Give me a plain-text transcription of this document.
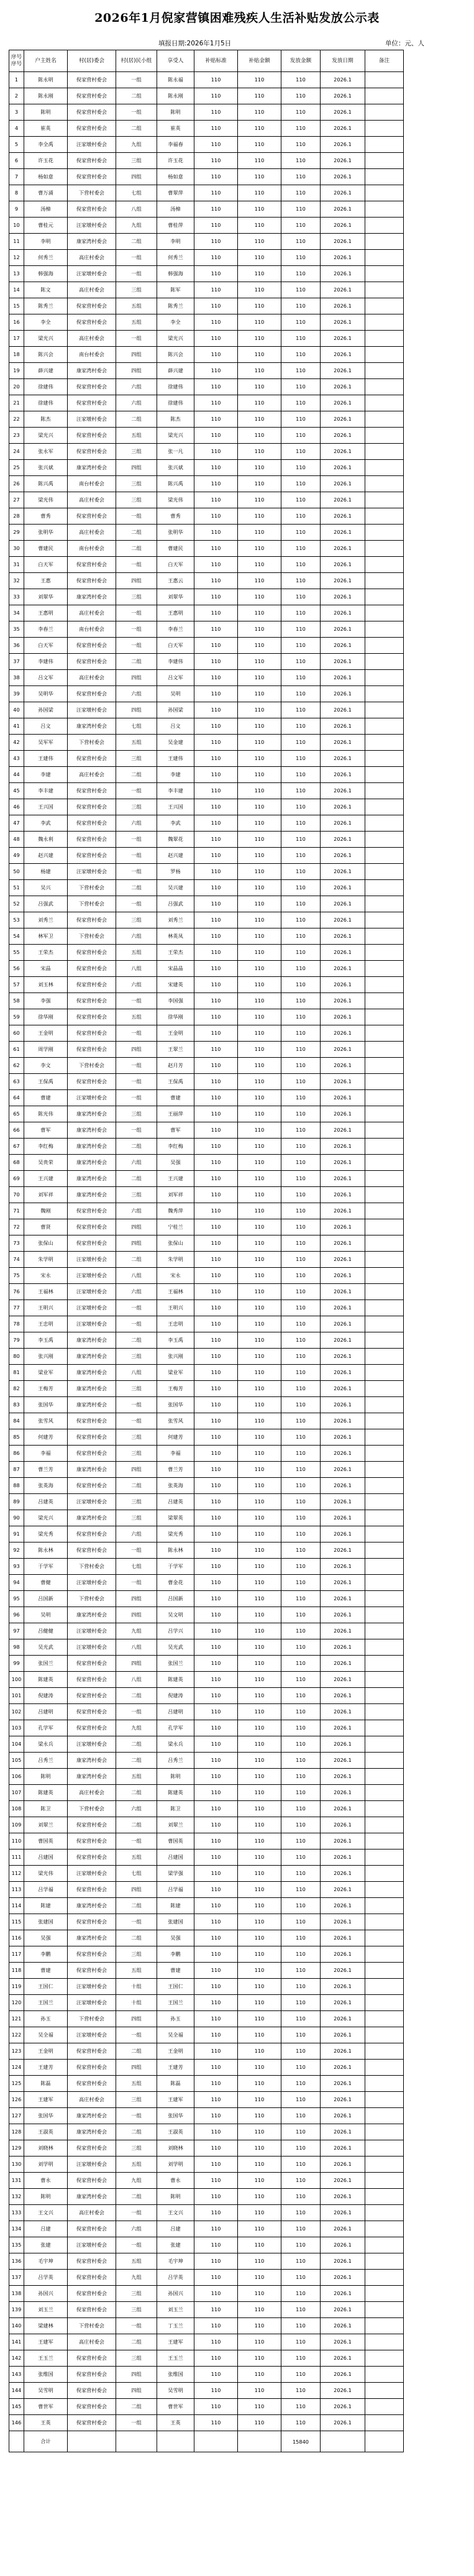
2026年1月倪家营镇困难残疾人生活补贴发放公示表
填报日期:2026年1月5日	单位：元、人
序号序号	户主姓名	村(居)委会	村(居)民小组	享受人	补贴标准	补贴金额	发放金额	发放日期	备注
1	陈永明	倪家营村委会	一组	陈永福	110	110	110	2026.1	
2	陈永刚	倪家营村委会	二组	陈永刚	110	110	110	2026.1	
3	陈明	倪家营村委会	一组	陈明	110	110	110	2026.1	
4	崔英	倪家营村委会	二组	崔英	110	110	110	2026.1	
5	李全禹	汪家墩村委会	九组	李福春	110	110	110	2026.1	
6	许玉花	倪家营村委会	三组	许玉花	110	110	110	2026.1	
7	杨如意	倪家营村委会	四组	杨如意	110	110	110	2026.1	
8	曹万涌	下营村委会	七组	曹翠萍	110	110	110	2026.1	
9	汤樟	倪家营村委会	八组	汤樟	110	110	110	2026.1	
10	曹桂元	汪家墩村委会	九组	曹桂萍	110	110	110	2026.1	
11	李明	康家湾村委会	二组	李明	110	110	110	2026.1	
12	何秀兰	高庄村委会	一组	何秀兰	110	110	110	2026.1	
13	韩强海	汪家墩村委会	一组	韩强海	110	110	110	2026.1	
14	陈文	高庄村委会	三组	陈军	110	110	110	2026.1	
15	陈秀兰	倪家营村委会	五组	陈秀兰	110	110	110	2026.1	
16	李全	倪家营村委会	五组	李全	110	110	110	2026.1	
17	梁光兴	高庄村委会	一组	梁光兴	110	110	110	2026.1	
18	陈兴会	南台村委会	四组	陈兴会	110	110	110	2026.1	
19	薛兴建	康家湾村委会	四组	薛兴建	110	110	110	2026.1	
20	徐建伟	倪家营村委会	六组	徐建伟	110	110	110	2026.1	
21	徐建伟	倪家营村委会	六组	徐建伟	110	110	110	2026.1	
22	陈杰	汪家墩村委会	二组	陈杰	110	110	110	2026.1	
23	梁光兴	倪家营村委会	五组	梁光兴	110	110	110	2026.1	
24	张永军	倪家营村委会	三组	张一凡	110	110	110	2026.1	
25	张兴斌	康家湾村委会	四组	张兴斌	110	110	110	2026.1	
26	陈兴禹	南台村委会	三组	陈兴禹	110	110	110	2026.1	
27	梁光伟	高庄村委会	三组	梁光伟	110	110	110	2026.1	
28	曹秀	倪家营村委会	一组	曹秀	110	110	110	2026.1	
29	张明华	高庄村委会	二组	张明华	110	110	110	2026.1	
30	曹建民	南台村委会	二组	曹建民	110	110	110	2026.1	
31	白天军	倪家营村委会	一组	白天军	110	110	110	2026.1	
32	王惠	倪家营村委会	四组	王惠云	110	110	110	2026.1	
33	刘翠华	康家湾村委会	三组	刘翠华	110	110	110	2026.1	
34	王惠明	高庄村委会	一组	王惠明	110	110	110	2026.1	
35	李春兰	南台村委会	一组	李春兰	110	110	110	2026.1	
36	白天军	倪家营村委会	一组	白天军	110	110	110	2026.1	
37	李建伟	倪家营村委会	二组	李建伟	110	110	110	2026.1	
38	吕文军	高庄村委会	四组	吕文军	110	110	110	2026.1	
39	吴明华	倪家营村委会	六组	吴明	110	110	110	2026.1	
40	孙国梁	汪家墩村委会	四组	孙国梁	110	110	110	2026.1	
41	吕文	康家湾村委会	七组	吕文	110	110	110	2026.1	
42	吴军军	下营村委会	五组	吴金建	110	110	110	2026.1	
43	王建伟	倪家营村委会	三组	王建伟	110	110	110	2026.1	
44	李建	高庄村委会	二组	李建	110	110	110	2026.1	
45	李丰建	倪家营村委会	一组	李丰建	110	110	110	2026.1	
46	王兴国	倪家营村委会	三组	王兴国	110	110	110	2026.1	
47	李武	倪家营村委会	六组	李武	110	110	110	2026.1	
48	魏永利	倪家营村委会	一组	魏翠花	110	110	110	2026.1	
49	赵兴建	倪家营村委会	一组	赵兴建	110	110	110	2026.1	
50	杨建	汪家墩村委会	一组	罗杨	110	110	110	2026.1	
51	吴兴	下营村委会	二组	吴兴建	110	110	110	2026.1	
52	吕强武	下营村委会	一组	吕强武	110	110	110	2026.1	
53	刘秀兰	倪家营村委会	三组	刘秀兰	110	110	110	2026.1	
54	林军卫	下营村委会	六组	林英凤	110	110	110	2026.1	
55	王荣杰	倪家营村委会	五组	王荣杰	110	110	110	2026.1	
56	宋晶	倪家营村委会	八组	宋晶晶	110	110	110	2026.1	
57	刘玉林	倪家营村委会	六组	宋建英	110	110	110	2026.1	
58	李强	倪家营村委会	一组	李国强	110	110	110	2026.1	
59	徐华刚	倪家营村委会	五组	徐华刚	110	110	110	2026.1	
60	王金明	倪家营村委会	一组	王金明	110	110	110	2026.1	
61	周学刚	倪家营村委会	四组	王翠兰	110	110	110	2026.1	
62	李文	下营村委会	一组	赵月芳	110	110	110	2026.1	
63	王保禹	倪家营村委会	一组	王保禹	110	110	110	2026.1	
64	曹建	汪家墩村委会	一组	曹建	110	110	110	2026.1	
65	陈光伟	康家湾村委会	三组	王丽萍	110	110	110	2026.1	
66	曹军	康家湾村委会	一组	曹军	110	110	110	2026.1	
67	李红梅	康家湾村委会	二组	李红梅	110	110	110	2026.1	
68	吴贵荣	康家湾村委会	六组	吴强	110	110	110	2026.1	
69	王兴建	康家湾村委会	二组	王兴建	110	110	110	2026.1	
70	刘军祥	康家湾村委会	三组	刘军祥	110	110	110	2026.1	
71	魏刚	倪家营村委会	六组	魏秀萍	110	110	110	2026.1	
72	曹贤	倪家营村委会	四组	宁桂兰	110	110	110	2026.1	
73	张保山	倪家营村委会	四组	张保山	110	110	110	2026.1	
74	朱学明	汪家墩村委会	二组	朱学明	110	110	110	2026.1	
75	宋永	汪家墩村委会	八组	宋永	110	110	110	2026.1	
76	王福林	汪家墩村委会	六组	王福林	110	110	110	2026.1	
77	王明兴	汪家墩村委会	一组	王明兴	110	110	110	2026.1	
78	王忠明	汪家墩村委会	一组	王忠明	110	110	110	2026.1	
79	李玉禹	康家湾村委会	二组	李玉禹	110	110	110	2026.1	
80	张兴刚	康家湾村委会	三组	张兴刚	110	110	110	2026.1	
81	梁业军	康家湾村委会	八组	梁业军	110	110	110	2026.1	
82	王梅芳	康家湾村委会	三组	王梅芳	110	110	110	2026.1	
83	张国华	康家湾村委会	一组	张国华	110	110	110	2026.1	
84	张雪风	倪家营村委会	一组	张雪风	110	110	110	2026.1	
85	何建芳	倪家营村委会	三组	何建芳	110	110	110	2026.1	
86	李福	倪家营村委会	三组	李福	110	110	110	2026.1	
87	曹兰芳	康家湾村委会	四组	曹兰芳	110	110	110	2026.1	
88	张英海	倪家营村委会	二组	张英海	110	110	110	2026.1	
89	吕建英	汪家墩村委会	三组	吕建英	110	110	110	2026.1	
90	梁光兴	康家湾村委会	三组	梁翠英	110	110	110	2026.1	
91	梁光秀	倪家营村委会	六组	梁光秀	110	110	110	2026.1	
92	陈永林	倪家营村委会	一组	陈永林	110	110	110	2026.1	
93	于学军	下营村委会	七组	于学军	110	110	110	2026.1	
94	曹健	汪家墩村委会	一组	曹金花	110	110	110	2026.1	
95	吕国新	下营村委会	四组	吕国新	110	110	110	2026.1	
96	吴明	康家湾村委会	四组	吴文明	110	110	110	2026.1	
97	吕健健	汪家墩村委会	九组	吕学兴	110	110	110	2026.1	
98	吴光武	汪家墩村委会	八组	吴光武	110	110	110	2026.1	
99	张国兰	倪家营村委会	四组	张国兰	110	110	110	2026.1	
100	陈建英	倪家营村委会	八组	陈建英	110	110	110	2026.1	
101	倪建涛	倪家营村委会	二组	倪建涛	110	110	110	2026.1	
102	吕建明	倪家营村委会	一组	吕建明	110	110	110	2026.1	
103	孔学军	倪家营村委会	九组	孔学军	110	110	110	2026.1	
104	梁永兵	汪家墩村委会	二组	梁永兵	110	110	110	2026.1	
105	吕秀兰	康家湾村委会	二组	吕秀兰	110	110	110	2026.1	
106	陈明	康家湾村委会	五组	陈明	110	110	110	2026.1	
107	陈建英	高庄村委会	二组	陈建英	110	110	110	2026.1	
108	陈卫	下营村委会	六组	陈卫	110	110	110	2026.1	
109	刘翠兰	倪家营村委会	二组	刘翠兰	110	110	110	2026.1	
110	曹国英	倪家营村委会	一组	曹国英	110	110	110	2026.1	
111	吕建国	倪家营村委会	五组	吕建国	110	110	110	2026.1	
112	梁光伟	汪家墩村委会	七组	梁学强	110	110	110	2026.1	
113	吕学福	倪家营村委会	四组	吕学福	110	110	110	2026.1	
114	陈建	康家湾村委会	二组	陈建	110	110	110	2026.1	
115	张建国	倪家营村委会	一组	张建国	110	110	110	2026.1	
116	吴强	康家湾村委会	二组	吴强	110	110	110	2026.1	
117	李鹏	倪家营村委会	三组	李鹏	110	110	110	2026.1	
118	曹建	倪家营村委会	五组	曹建	110	110	110	2026.1	
119	王国仁	汪家墩村委会	十组	王国仁	110	110	110	2026.1	
120	王国兰	汪家墩村委会	十组	王国兰	110	110	110	2026.1	
121	孙玉	下营村委会	四组	孙玉	110	110	110	2026.1	
122	吴全福	汪家墩村委会	一组	吴全福	110	110	110	2026.1	
123	王金明	倪家营村委会	二组	王金明	110	110	110	2026.1	
124	王建芳	倪家营村委会	四组	王建芳	110	110	110	2026.1	
125	陈磊	倪家营村委会	五组	陈磊	110	110	110	2026.1	
126	王建军	高庄村委会	三组	王建军	110	110	110	2026.1	
127	张国华	康家湾村委会	一组	张国华	110	110	110	2026.1	
128	王淑英	康家湾村委会	二组	王淑英	110	110	110	2026.1	
129	刘晓林	倪家营村委会	三组	刘晓林	110	110	110	2026.1	
130	刘学明	汪家墩村委会	五组	刘学明	110	110	110	2026.1	
131	曹永	倪家营村委会	九组	曹永	110	110	110	2026.1	
132	陈明	康家湾村委会	二组	陈明	110	110	110	2026.1	
133	王文兴	高庄村委会	一组	王文兴	110	110	110	2026.1	
134	吕建	倪家营村委会	六组	吕建	110	110	110	2026.1	
135	张建	汪家墩村委会	一组	张建	110	110	110	2026.1	
136	毛宇坤	倪家营村委会	五组	毛宇坤	110	110	110	2026.1	
137	吕学英	倪家营村委会	九组	吕学英	110	110	110	2026.1	
138	孙国兴	倪家营村委会	三组	孙国兴	110	110	110	2026.1	
139	刘玉兰	倪家营村委会	三组	刘玉兰	110	110	110	2026.1	
140	梁建林	下营村委会	一组	丁玉兰	110	110	110	2026.1	
141	王建军	高庄村委会	二组	王建军	110	110	110	2026.1	
142	王玉兰	倪家营村委会	三组	王玉兰	110	110	110	2026.1	
143	张维国	倪家营村委会	四组	张维国	110	110	110	2026.1	
144	吴雪明	倪家营村委会	四组	吴雪明	110	110	110	2026.1	
145	曹世军	倪家营村委会	二组	曹世军	110	110	110	2026.1	
146	王英	倪家营村委会	一组	王英	110	110	110	2026.1	
	合计						15840		
